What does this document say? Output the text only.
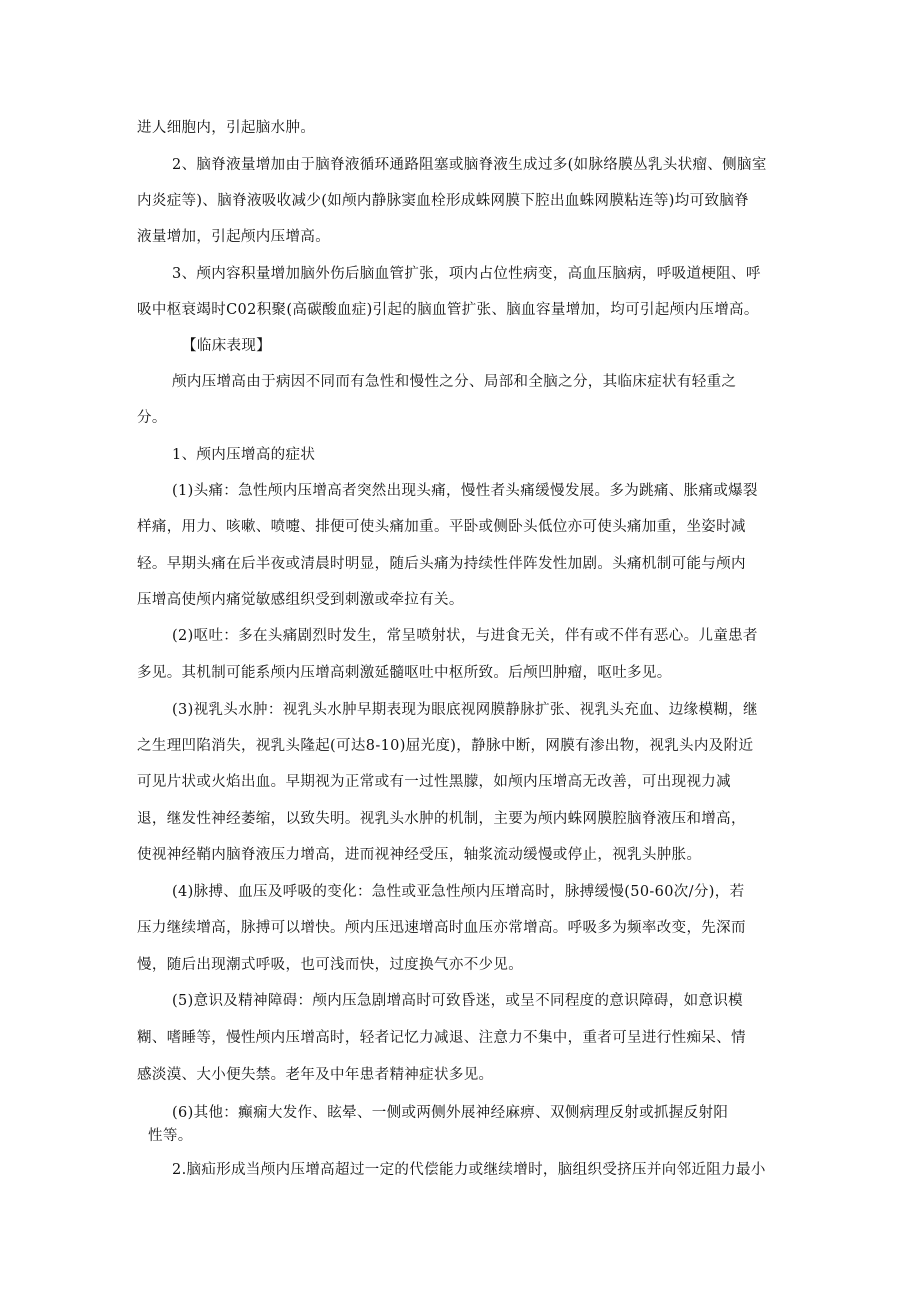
进人细胞内，引起脑水肿。
2、脑脊液量增加由于脑脊液循环通路阻塞或脑脊液生成过多(如脉络膜丛乳头状瘤、侧脑室
内炎症等)、脑脊液吸收减少(如颅内静脉窦血栓形成蛛网膜下腔出血蛛网膜粘连等)均可致脑脊
液量增加，引起颅内压增高。
3、颅内容积量增加脑外伤后脑血管扩张，项内占位性病变，高血压脑病，呼吸道梗阻、呼
吸中枢衰竭时C02积聚(高碳酸血症)引起的脑血管扩张、脑血容量增加，均可引起颅内压增高。
【临床表现】
颅内压增高由于病因不同而有急性和慢性之分、局部和全脑之分，其临床症状有轻重之
分。
1、颅内压增高的症状
(1)头痛：急性颅内压增高者突然出现头痛，慢性者头痛缓慢发展。多为跳痛、胀痛或爆裂
样痛，用力、咳嗽、喷嚏、排便可使头痛加重。平卧或侧卧头低位亦可使头痛加重，坐姿时减
轻。早期头痛在后半夜或清晨时明显，随后头痛为持续性伴阵发性加剧。头痛机制可能与颅内
压增高使颅内痛觉敏感组织受到刺激或牵拉有关。
(2)呕吐：多在头痛剧烈时发生，常呈喷射状，与进食无关，伴有或不伴有恶心。儿童患者
多见。其机制可能系颅内压增高刺激延髓呕吐中枢所致。后颅凹肿瘤，呕吐多见。
(3)视乳头水肿：视乳头水肿早期表现为眼底视网膜静脉扩张、视乳头充血、边缘模糊，继
之生理凹陷消失，视乳头隆起(可达8-10)屈光度)，静脉中断，网膜有渗出物，视乳头内及附近
可见片状或火焰出血。早期视为正常或有一过性黑朦，如颅内压增高无改善，可出现视力减
退，继发性神经萎缩，以致失明。视乳头水肿的机制，主要为颅内蛛网膜腔脑脊液压和增高，
使视神经鞘内脑脊液压力增高，进而视神经受压，轴浆流动缓慢或停止，视乳头肿胀。
(4)脉搏、血压及呼吸的变化：急性或亚急性颅内压增高时，脉搏缓慢(50-60次/分)，若
压力继续增高，脉搏可以增快。颅内压迅速增高时血压亦常增高。呼吸多为频率改变，先深而
慢，随后出现潮式呼吸，也可浅而快，过度换气亦不少见。
(5)意识及精神障碍：颅内压急剧增高时可致昏迷，或呈不同程度的意识障碍，如意识模
糊、嗜睡等，慢性颅内压增高时，轻者记忆力减退、注意力不集中，重者可呈进行性痴呆、情
感淡漠、大小便失禁。老年及中年患者精神症状多见。
(6)其他：癫痫大发作、眩晕、一侧或两侧外展神经麻痹、双侧病理反射或抓握反射阳
性等。
2.脑疝形成当颅内压增高超过一定的代偿能力或继续增时，脑组织受挤压并向邻近阻力最小
